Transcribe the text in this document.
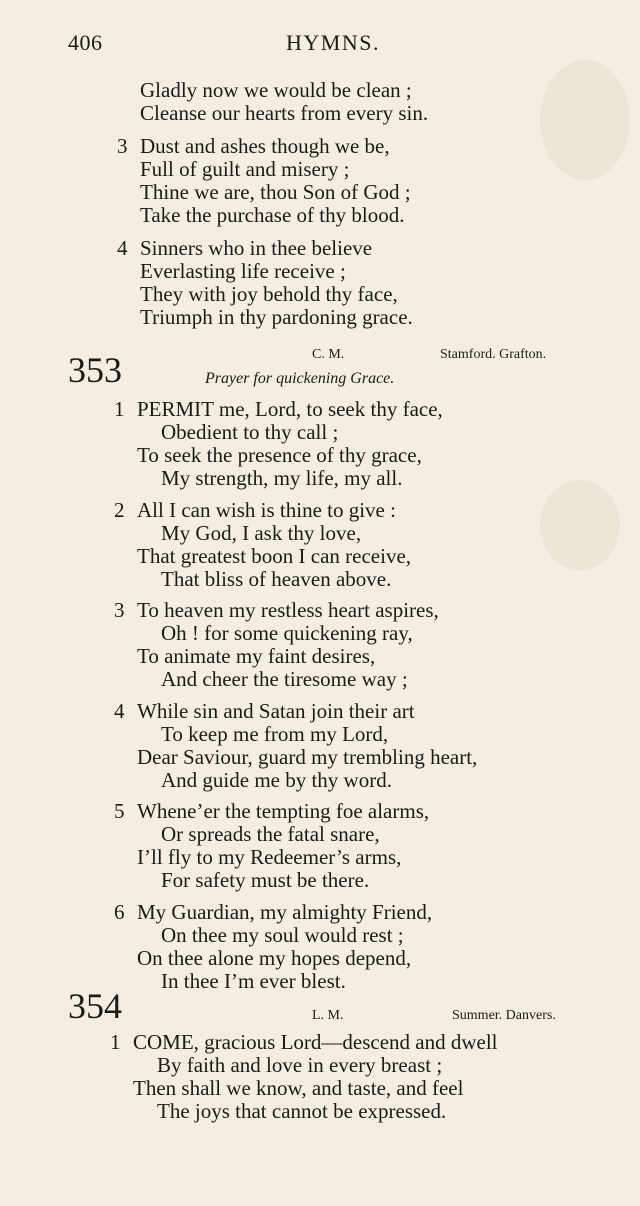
406	HYMNS.
Gladly now we would be clean ;
Cleanse our hearts from every sin.
3 Dust and ashes though we be,
Full of guilt and misery ;
Thine we are, thou Son of God ;
Take the purchase of thy blood.
4 Sinners who in thee believe
Everlasting life receive ;
They with joy behold thy face,
Triumph in thy pardoning grace.
353	C. M.	Stamford. Grafton.
Prayer for quickening Grace.
1 PERMIT me, Lord, to seek thy face,
Obedient to thy call ;
To seek the presence of thy grace,
My strength, my life, my all.
2 All I can wish is thine to give :
My God, I ask thy love,
That greatest boon I can receive,
That bliss of heaven above.
3 To heaven my restless heart aspires,
Oh ! for some quickening ray,
To animate my faint desires,
And cheer the tiresome way ;
4 While sin and Satan join their art
To keep me from my Lord,
Dear Saviour, guard my trembling heart,
And guide me by thy word.
5 Whene’er the tempting foe alarms,
Or spreads the fatal snare,
I’ll fly to my Redeemer’s arms,
For safety must be there.
6 My Guardian, my almighty Friend,
On thee my soul would rest ;
On thee alone my hopes depend,
In thee I’m ever blest.
354	L. M.	Summer. Danvers.
1 COME, gracious Lord—descend and dwell
By faith and love in every breast ;
Then shall we know, and taste, and feel
The joys that cannot be expressed.
